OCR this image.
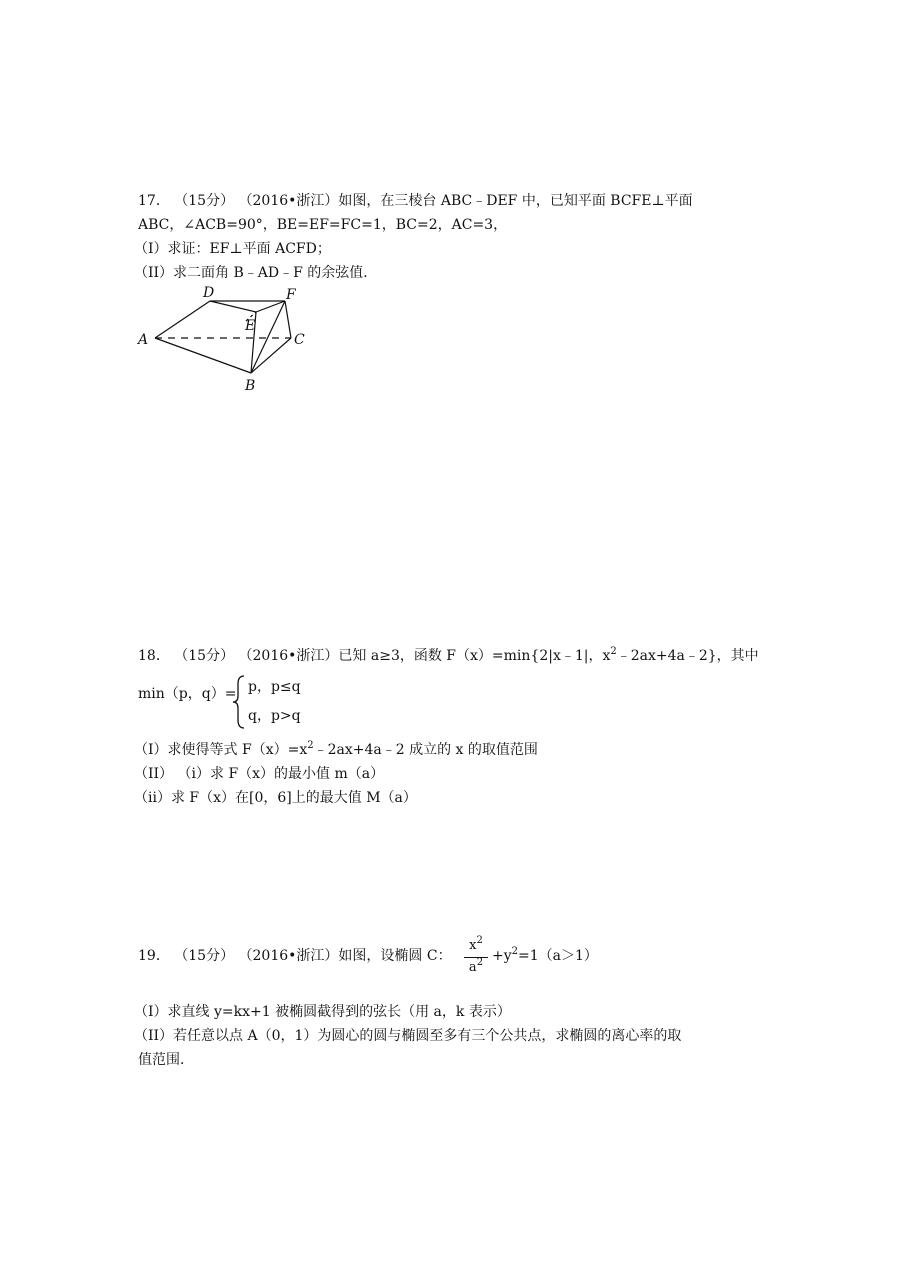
17． （15分） （2016•浙江）如图，在三棱台 ABC﹣DEF 中，已知平面 BCFE⊥平面
ABC，∠ACB=90°，BE=EF=FC=1，BC=2，AC=3，
（I）求证：EF⊥平面 ACFD；
（II）求二面角 B﹣AD﹣F 的余弦值．
A
B
C
D
E
F
18． （15分） （2016•浙江）已知 a≥3，函数 F（x）=min{2|x﹣1|，$x^2﹣2ax+4a﹣2$}，其中
min（p，q）= p，p≤q
q，p>q
（I）求使得等式 $F(x)=x^2﹣2ax+4a﹣2$ 成立的 x 的取值范围
（II） （i）求 F（x）的最小值 m（a）
（ii）求 F（x）在[0，6]上的最大值 M（a）
19． （15分） （2016•浙江）如图，设椭圆 C：
$x^2$
$a^2 +y^2=1(a>1)$
（I）求直线 y=kx+1 被椭圆截得到的弦长（用 a，k 表示）
（II）若任意以点 A（0，1）为圆心的圆与椭圆至多有三个公共点，求椭圆的离心率的取
值范围．
